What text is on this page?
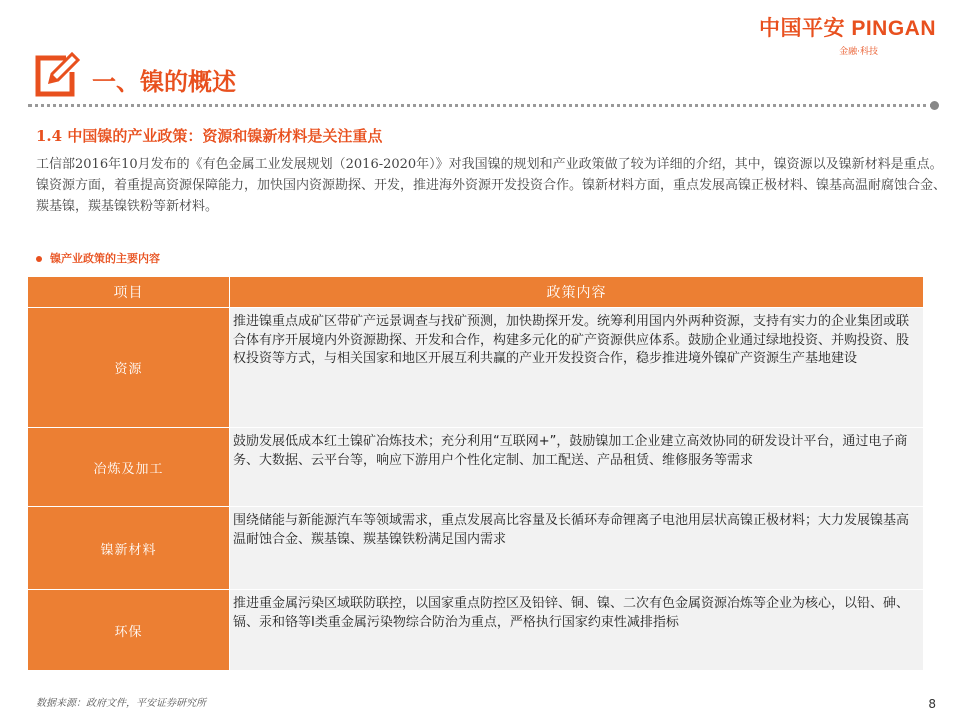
中国平安 PINGAN
金融·科技
一、镍的概述
1.4 中国镍的产业政策：资源和镍新材料是关注重点
工信部2016年10月发布的《有色金属工业发展规划（2016-2020年）》对我国镍的规划和产业政策做了较为详细的介绍，其中，镍资源以及镍新材料是重点。镍资源方面，着重提高资源保障能力，加快国内资源勘探、开发，推进海外资源开发投资合作。镍新材料方面，重点发展高镍正极材料、镍基高温耐腐蚀合金、羰基镍，羰基镍铁粉等新材料。
镍产业政策的主要内容
项目	政策内容
资源	推进镍重点成矿区带矿产远景调查与找矿预测，加快勘探开发。统筹利用国内外两种资源，支持有实力的企业集团或联合体有序开展境内外资源勘探、开发和合作，构建多元化的矿产资源供应体系。鼓励企业通过绿地投资、并购投资、股权投资等方式，与相关国家和地区开展互利共赢的产业开发投资合作，稳步推进境外镍矿产资源生产基地建设
冶炼及加工	鼓励发展低成本红土镍矿冶炼技术；充分利用“互联网+”，鼓励镍加工企业建立高效协同的研发设计平台，通过电子商务、大数据、云平台等，响应下游用户个性化定制、加工配送、产品租赁、维修服务等需求
镍新材料	围绕储能与新能源汽车等领域需求，重点发展高比容量及长循环寿命锂离子电池用层状高镍正极材料；大力发展镍基高温耐蚀合金、羰基镍、羰基镍铁粉满足国内需求
环保	推进重金属污染区域联防联控，以国家重点防控区及铅锌、铜、镍、二次有色金属资源冶炼等企业为核心，以铅、砷、镉、汞和铬等Ⅰ类重金属污染物综合防治为重点，严格执行国家约束性减排指标
数据来源：政府文件，平安证券研究所	8
